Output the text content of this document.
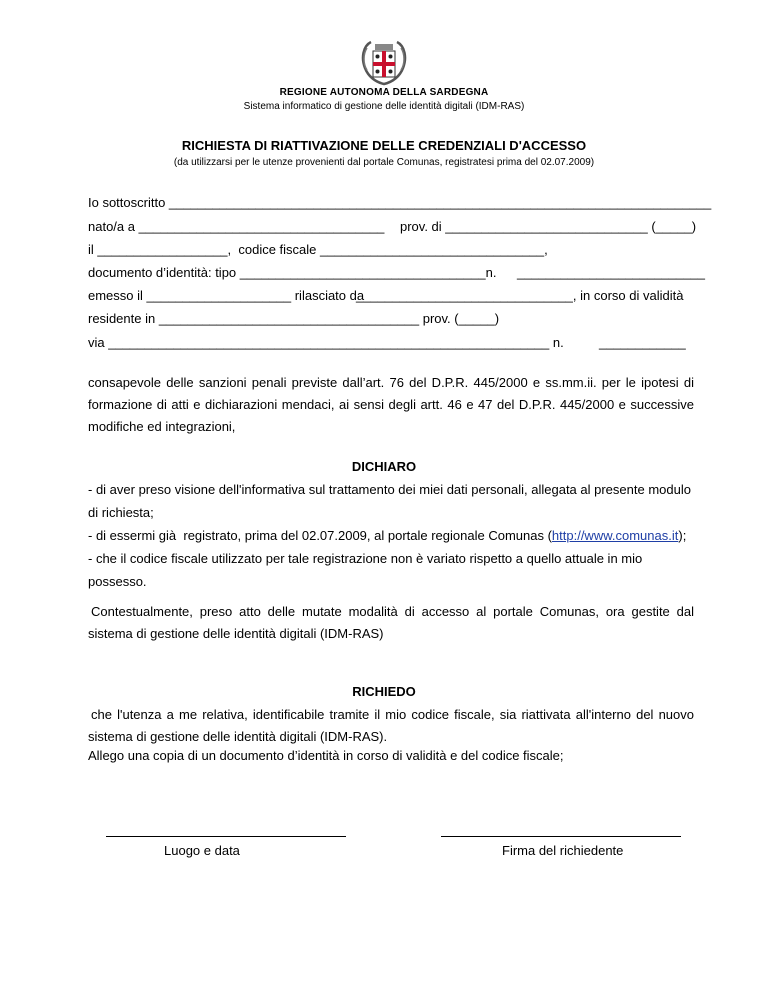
REGIONE AUTONOMA DELLA SARDEGNA
Sistema informatico di gestione delle identità digitali (IDM-RAS)
RICHIESTA DI RIATTIVAZIONE DELLE CREDENZIALI D'ACCESSO
(da utilizzarsi per le utenze provenienti dal portale Comunas, registratesi prima del 02.07.2009)
Io sottoscritto ___________________________________________________________________________
nato/a a __________________________________ prov. di ____________________________ (_____)
il __________________,  codice fiscale _______________________________,
documento d’identità: tipo __________________________________n. __________________________
emesso il ____________________ rilasciato da
______________________________, in corso di validità
residente in ____________________________________ prov. (_____)
via _____________________________________________________________ n.	____________
consapevole delle sanzioni penali previste dall’art. 76 del D.P.R. 445/2000 e ss.mm.ii. per le ipotesi di formazione di atti e dichiarazioni mendaci, ai sensi degli artt. 46 e 47 del D.P.R. 445/2000 e successive modifiche ed integrazioni,
DICHIARO
- di aver preso visione dell'informativa sul trattamento dei miei dati personali, allegata al presente modulo
di richiesta;
- di essermi già  registrato, prima del 02.07.2009, al portale regionale Comunas (http://www.comunas.it);
- che il codice fiscale utilizzato per tale registrazione non è variato rispetto a quello attuale in mio
possesso.
Contestualmente, preso atto delle mutate modalità di accesso al portale Comunas, ora gestite dal sistema di gestione delle identità digitali (IDM-RAS)
RICHIEDO
che l'utenza a me relativa, identificabile tramite il mio codice fiscale, sia riattivata all'interno del nuovo sistema di gestione delle identità digitali (IDM-RAS).
Allego una copia di un documento d’identità in corso di validità e del codice fiscale;
Luogo e data	Firma del richiedente
